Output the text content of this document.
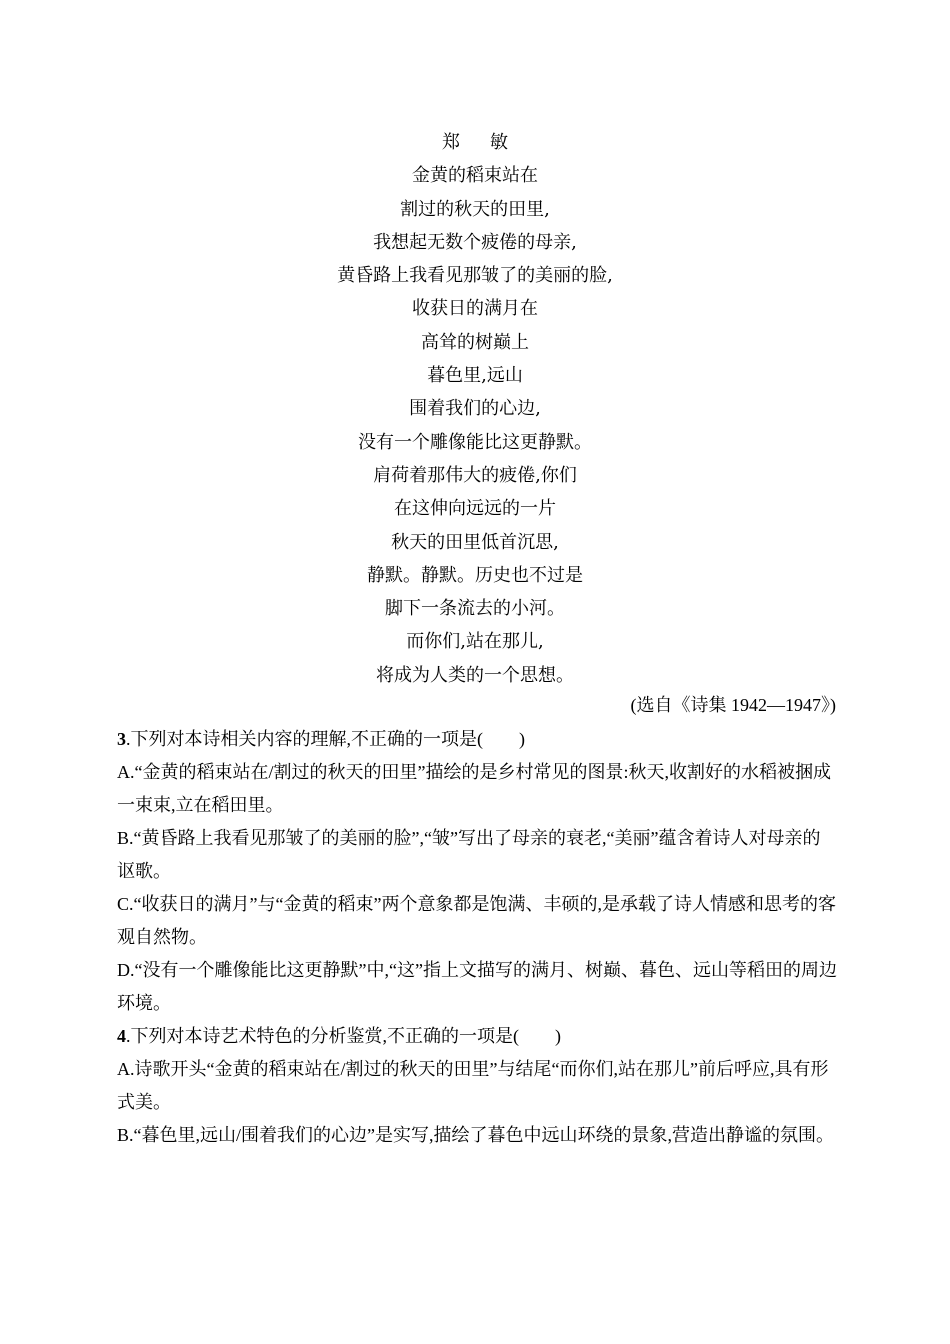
郑敏
金黄的稻束站在
割过的秋天的田里,
我想起无数个疲倦的母亲,
黄昏路上我看见那皱了的美丽的脸,
收获日的满月在
高耸的树巅上
暮色里,远山
围着我们的心边,
没有一个雕像能比这更静默。
肩荷着那伟大的疲倦,你们
在这伸向远远的一片
秋天的田里低首沉思,
静默。静默。历史也不过是
脚下一条流去的小河。
而你们,站在那儿,
将成为人类的一个思想。
(选自《诗集 1942—1947》)

3.下列对本诗相关内容的理解,不正确的一项是(　　)

A.“金黄的稻束站在/割过的秋天的田里”描绘的是乡村常见的图景:秋天,收割好的水稻被捆成一束束,立在稻田里。

B.“黄昏路上我看见那皱了的美丽的脸”,“皱”写出了母亲的衰老,“美丽”蕴含着诗人对母亲的讴歌。

C.“收获日的满月”与“金黄的稻束”两个意象都是饱满、丰硕的,是承载了诗人情感和思考的客观自然物。

D.“没有一个雕像能比这更静默”中,“这”指上文描写的满月、树巅、暮色、远山等稻田的周边环境。

4.下列对本诗艺术特色的分析鉴赏,不正确的一项是(　　)

A.诗歌开头“金黄的稻束站在/割过的秋天的田里”与结尾“而你们,站在那儿”前后呼应,具有形式美。

B.“暮色里,远山/围着我们的心边”是实写,描绘了暮色中远山环绕的景象,营造出静谧的氛围。
